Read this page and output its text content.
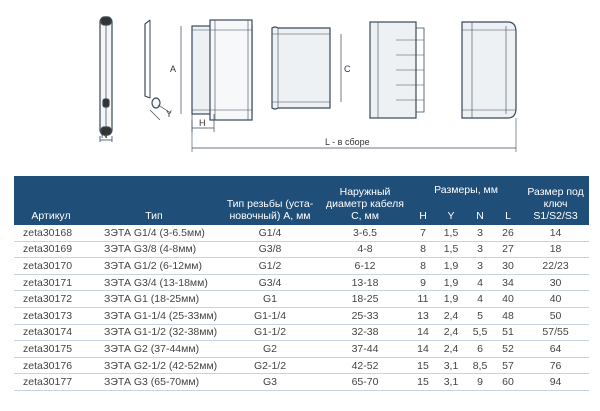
N
Y
A
H
C
L - в сборе
Артикул	Тип	Тип резьбы (уста-новочный) А, мм	Наружный диаметр кабеля С, мм	Размеры, мм				Размер под ключ S1/S2/S3
				H	Y	N	L	
zeta30168	ЗЭТА G1/4 (3-6.5мм)	G1/4	3-6.5	7	1,5	3	26	14
zeta30169	ЗЭТА G3/8 (4-8мм)	G3/8	4-8	8	1,5	3	27	18
zeta30170	ЗЭТА G1/2 (6-12мм)	G1/2	6-12	8	1,9	3	30	22/23
zeta30171	ЗЭТА G3/4 (13-18мм)	G3/4	13-18	9	1,9	4	34	30
zeta30172	ЗЭТА G1 (18-25мм)	G1	18-25	11	1,9	4	40	40
zeta30173	ЗЭТА G1-1/4 (25-33мм)	G1-1/4	25-33	13	2,4	5	48	50
zeta30174	ЗЭТА G1-1/2 (32-38мм)	G1-1/2	32-38	14	2,4	5,5	51	57/55
zeta30175	ЗЭТА G2 (37-44мм)	G2	37-44	14	2,4	6	52	64
zeta30176	ЗЭТА G2-1/2 (42-52мм)	G2-1/2	42-52	15	3,1	8,5	57	76
zeta30177	ЗЭТА G3 (65-70мм)	G3	65-70	15	3,1	9	60	94
